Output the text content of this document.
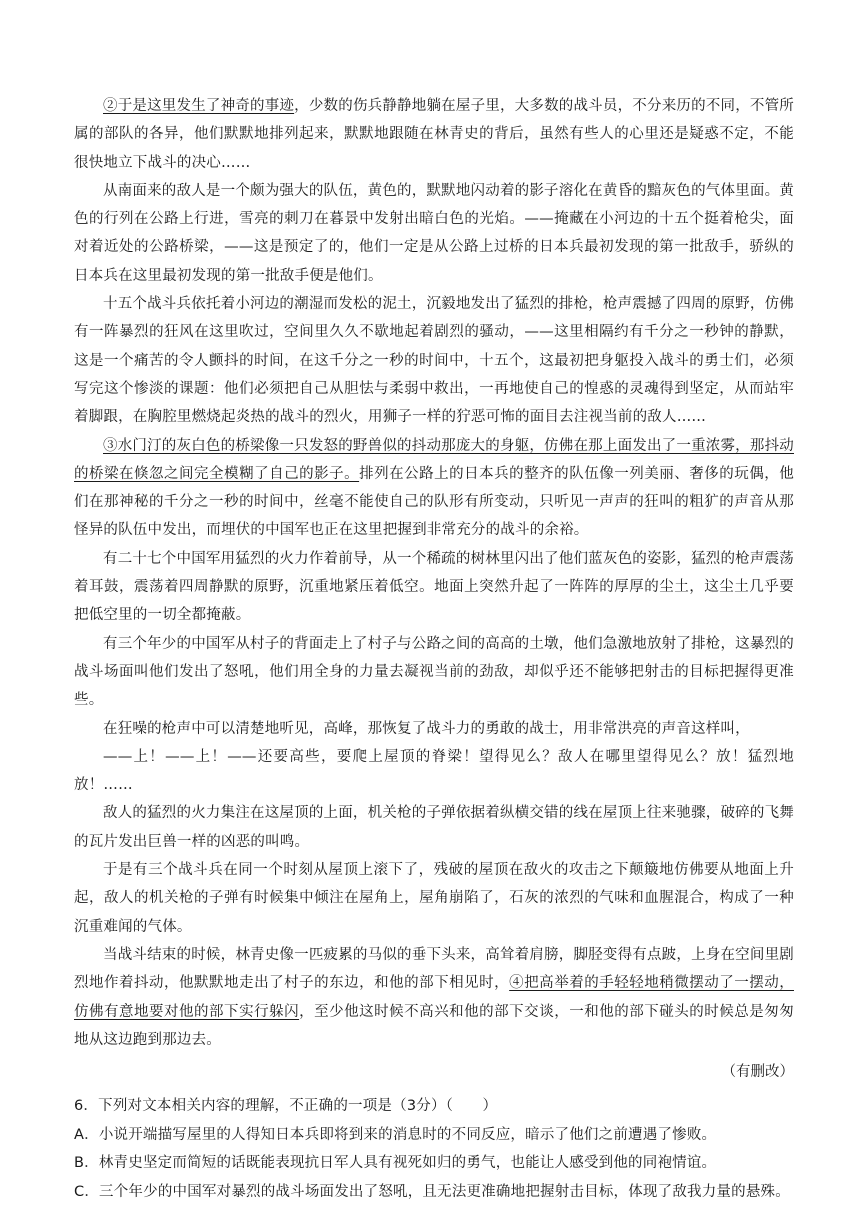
②于是这里发生了神奇的事迹，少数的伤兵静静地躺在屋子里，大多数的战斗员，不分来历的不同，不管所属的部队的各异，他们默默地排列起来，默默地跟随在林青史的背后，虽然有些人的心里还是疑惑不定，不能很快地立下战斗的决心……

从南面来的敌人是一个颇为强大的队伍，黄色的，默默地闪动着的影子溶化在黄昏的黯灰色的气体里面。黄色的行列在公路上行进，雪亮的刺刀在暮景中发射出暗白色的光焰。——掩藏在小河边的十五个挺着枪尖，面对着近处的公路桥梁，——这是预定了的，他们一定是从公路上过桥的日本兵最初发现的第一批敌手，骄纵的日本兵在这里最初发现的第一批敌手便是他们。

十五个战斗兵依托着小河边的潮湿而发松的泥土，沉毅地发出了猛烈的排枪，枪声震撼了四周的原野，仿佛有一阵暴烈的狂风在这里吹过，空间里久久不歇地起着剧烈的骚动，——这里相隔约有千分之一秒钟的静默，这是一个痛苦的令人颤抖的时间，在这千分之一秒的时间中，十五个，这最初把身躯投入战斗的勇士们，必须写完这个惨淡的课题：他们必须把自己从胆怯与柔弱中救出，一再地使自己的惶惑的灵魂得到坚定，从而站牢着脚跟，在胸腔里燃烧起炎热的战斗的烈火，用狮子一样的狞恶可怖的面目去注视当前的敌人……

③水门汀的灰白色的桥梁像一只发怒的野兽似的抖动那庞大的身躯，仿佛在那上面发出了一重浓雾，那抖动的桥梁在倏忽之间完全模糊了自己的影子。排列在公路上的日本兵的整齐的队伍像一列美丽、奢侈的玩偶，他们在那神秘的千分之一秒的时间中，丝毫不能使自己的队形有所变动，只听见一声声的狂叫的粗犷的声音从那怪异的队伍中发出，而埋伏的中国军也正在这里把握到非常充分的战斗的余裕。

有二十七个中国军用猛烈的火力作着前导，从一个稀疏的树林里闪出了他们蓝灰色的姿影，猛烈的枪声震荡着耳鼓，震荡着四周静默的原野，沉重地紧压着低空。地面上突然升起了一阵阵的厚厚的尘土，这尘土几乎要把低空里的一切全都掩蔽。

有三个年少的中国军从村子的背面走上了村子与公路之间的高高的土墩，他们急激地放射了排枪，这暴烈的战斗场面叫他们发出了怒吼，他们用全身的力量去凝视当前的劲敌，却似乎还不能够把射击的目标把握得更准些。

在狂噪的枪声中可以清楚地听见，高峰，那恢复了战斗力的勇敢的战士，用非常洪亮的声音这样叫，

——上！——上！——还要高些，要爬上屋顶的脊梁！望得见么？敌人在哪里望得见么？放！猛烈地放！……

敌人的猛烈的火力集注在这屋顶的上面，机关枪的子弹依据着纵横交错的线在屋顶上往来驰骤，破碎的飞舞的瓦片发出巨兽一样的凶恶的叫鸣。

于是有三个战斗兵在同一个时刻从屋顶上滚下了，残破的屋顶在敌火的攻击之下颠簸地仿佛要从地面上升起，敌人的机关枪的子弹有时候集中倾注在屋角上，屋角崩陷了，石灰的浓烈的气味和血腥混合，构成了一种沉重难闻的气体。

当战斗结束的时候，林青史像一匹疲累的马似的垂下头来，高耸着肩膀，脚胫变得有点跛，上身在空间里剧烈地作着抖动，他默默地走出了村子的东边，和他的部下相见时，④把高举着的手轻轻地稍微摆动了一摆动，仿佛有意地要对他的部下实行躲闪，至少他这时候不高兴和他的部下交谈，一和他的部下碰头的时候总是匆匆地从这边跑到那边去。

（有删改）

6．下列对文本相关内容的理解，不正确的一项是（3分）（　　）

A．小说开端描写屋里的人得知日本兵即将到来的消息时的不同反应，暗示了他们之前遭遇了惨败。

B．林青史坚定而简短的话既能表现抗日军人具有视死如归的勇气，也能让人感受到他的同袍情谊。

C．三个年少的中国军对暴烈的战斗场面发出了怒吼，且无法更准确地把握射击目标，体现了敌我力量的悬殊。
